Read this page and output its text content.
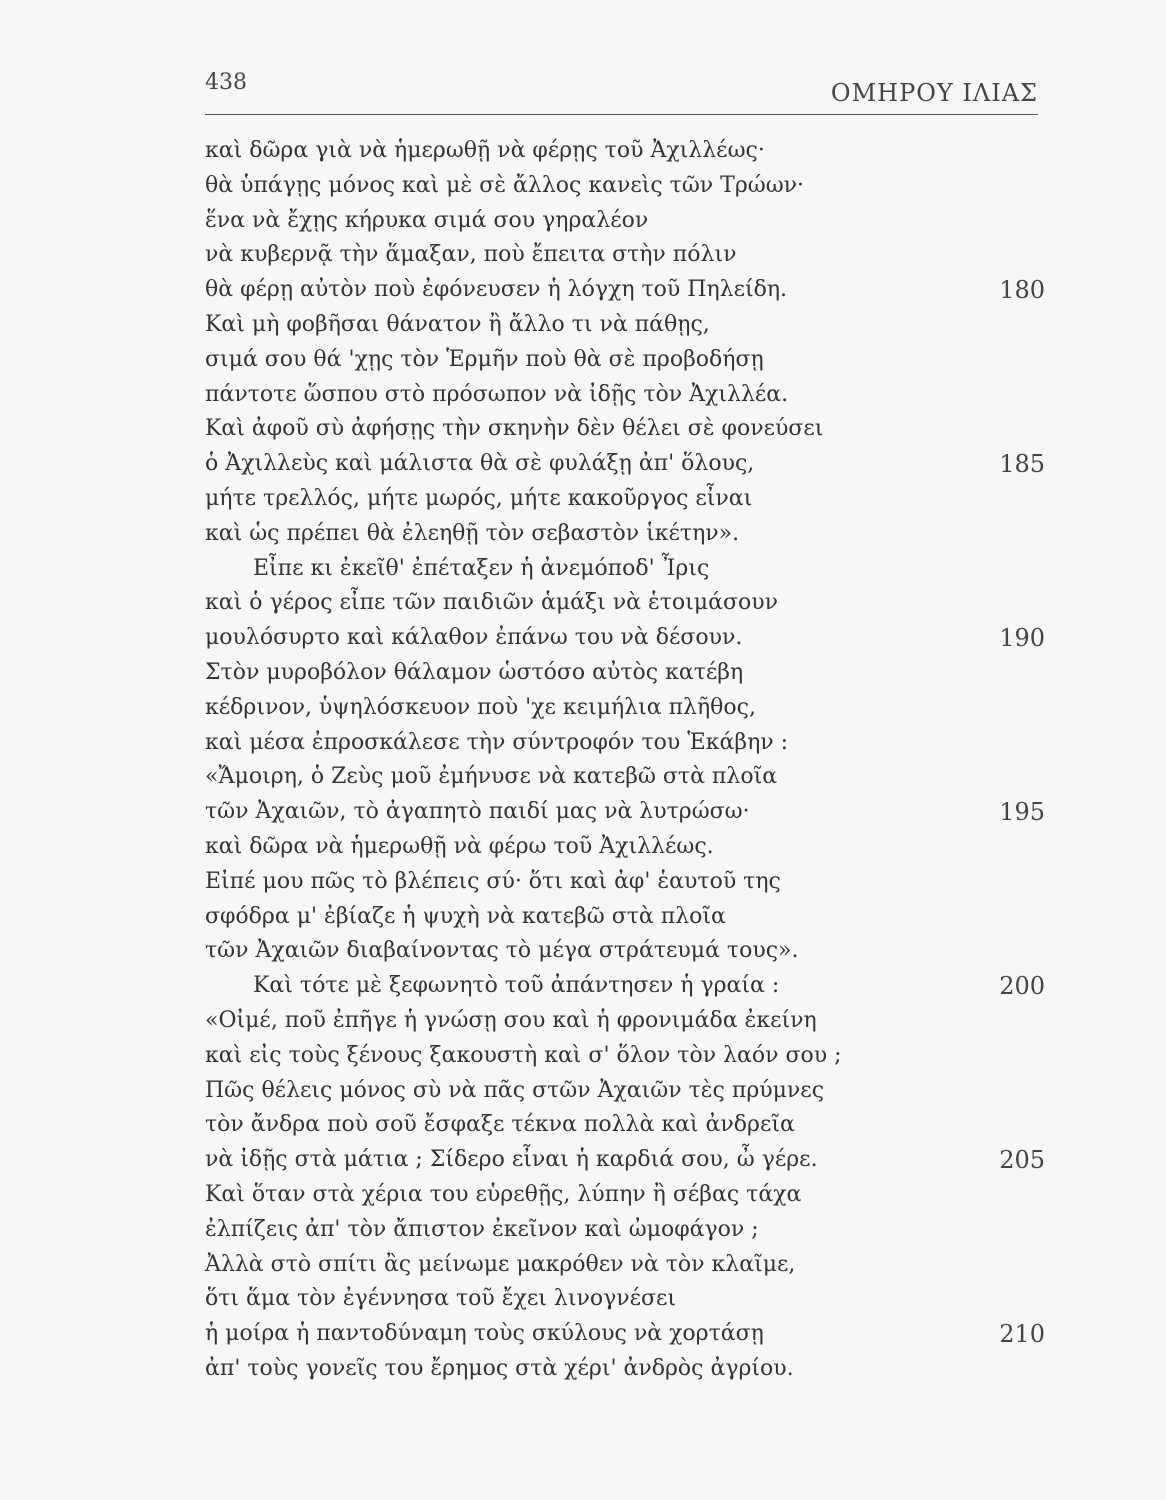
438	ΟΜΗΡΟΥ ΙΛΙΑΣ
καὶ δῶρα γιὰ νὰ ἡμερωθῇ νὰ φέρῃς τοῦ Ἀχιλλέως·
θὰ ὑπάγῃς μόνος καὶ μὲ σὲ ἄλλος κανεὶς τῶν Τρώων·
ἕνα νὰ ἔχῃς κήρυκα σιμά σου γηραλέον
νὰ κυβερνᾷ τὴν ἅμαξαν, ποὺ ἔπειτα στὴν πόλιν
θὰ φέρῃ αὐτὸν ποὺ ἐφόνευσεν ἡ λόγχη τοῦ Πηλείδη.	180
Καὶ μὴ φοβῆσαι θάνατον ἢ ἄλλο τι νὰ πάθῃς,
σιμά σου θά 'χῃς τὸν Ἑρμῆν ποὺ θὰ σὲ προβοδήσῃ
πάντοτε ὥσπου στὸ πρόσωπον νὰ ἰδῇς τὸν Ἀχιλλέα.
Καὶ ἀφοῦ σὺ ἀφήσῃς τὴν σκηνὴν δὲν θέλει σὲ φονεύσει
ὁ Ἀχιλλεὺς καὶ μάλιστα θὰ σὲ φυλάξῃ ἀπ' ὅλους,	185
μήτε τρελλός, μήτε μωρός, μήτε κακοῦργος εἶναι
καὶ ὡς πρέπει θὰ ἐλεηθῇ τὸν σεβαστὸν ἱκέτην».
Εἶπε κι ἐκεῖθ' ἐπέταξεν ἡ ἀνεμόποδ' Ἶρις
καὶ ὁ γέρος εἶπε τῶν παιδιῶν ἁμάξι νὰ ἑτοιμάσουν
μουλόσυρτο καὶ κάλαθον ἐπάνω του νὰ δέσουν.	190
Στὸν μυροβόλον θάλαμον ὡστόσο αὐτὸς κατέβη
κέδρινον, ὑψηλόσκευον ποὺ 'χε κειμήλια πλῆθος,
καὶ μέσα ἐπροσκάλεσε τὴν σύντροφόν του Ἑκάβην :
«Ἄμοιρη, ὁ Ζεὺς μοῦ ἐμήνυσε νὰ κατεβῶ στὰ πλοῖα
τῶν Ἀχαιῶν, τὸ ἀγαπητὸ παιδί μας νὰ λυτρώσω·	195
καὶ δῶρα νὰ ἡμερωθῇ νὰ φέρω τοῦ Ἀχιλλέως.
Εἰπέ μου πῶς τὸ βλέπεις σύ· ὅτι καὶ ἀφ' ἑαυτοῦ της
σφόδρα μ' ἐβίαζε ἡ ψυχὴ νὰ κατεβῶ στὰ πλοῖα
τῶν Ἀχαιῶν διαβαίνοντας τὸ μέγα στράτευμά τους».
Καὶ τότε μὲ ξεφωνητὸ τοῦ ἀπάντησεν ἡ γραία :	200
«Οἰμέ, ποῦ ἐπῆγε ἡ γνώσῃ σου καὶ ἡ φρονιμάδα ἐκείνη
καὶ εἰς τοὺς ξένους ξακουστὴ καὶ σ' ὅλον τὸν λαόν σου ;
Πῶς θέλεις μόνος σὺ νὰ πᾶς στῶν Ἀχαιῶν τὲς πρύμνες
τὸν ἄνδρα ποὺ σοῦ ἔσφαξε τέκνα πολλὰ καὶ ἀνδρεῖα
νὰ ἰδῇς στὰ μάτια ; Σίδερο εἶναι ἡ καρδιά σου, ὦ γέρε.	205
Καὶ ὅταν στὰ χέρια του εὑρεθῇς, λύπην ἢ σέβας τάχα
ἐλπίζεις ἀπ' τὸν ἄπιστον ἐκεῖνον καὶ ὠμοφάγον ;
Ἀλλὰ στὸ σπίτι ἂς μείνωμε μακρόθεν νὰ τὸν κλαῖμε,
ὅτι ἅμα τὸν ἐγέννησα τοῦ ἔχει λινογνέσει
ἡ μοίρα ἡ παντοδύναμη τοὺς σκύλους νὰ χορτάσῃ	210
ἀπ' τοὺς γονεῖς του ἔρημος στὰ χέρι' ἀνδρὸς ἀγρίου.
